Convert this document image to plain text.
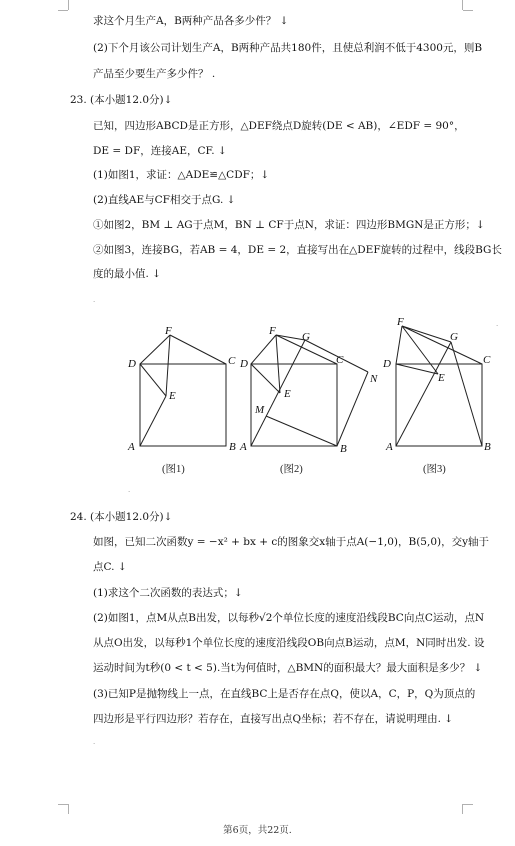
求这个月生产A，B两种产品各多少件？ ↓
(2)下个月该公司计划生产A，B两种产品共180件，且使总利润不低于4300元，则B
产品至少要生产多少件？ .
23. (本小题12.0分)↓
已知，四边形ABCD是正方形，△DEF绕点D旋转(DE < AB)，∠EDF = 90°，
DE = DF，连接AE，CF. ↓
(1)如图1，求证：△ADE≌△CDF；↓
(2)直线AE与CF相交于点G. ↓
①如图2，BM ⊥ AG于点M，BN ⊥ CF于点N，求证：四边形BMGN是正方形；↓
②如图3，连接BG，若AB = 4，DE = 2，直接写出在△DEF旋转的过程中，线段BG长
度的最小值. ↓
.
.
D	C
F
E
A	B
D	C
F G
E
M
N
A	B
D	C
F
G
E
A	B
(图1)	(图2)	(图3)
.
24. (本小题12.0分)↓
如图，已知二次函数y = −x² + bx + c的图象交x轴于点A(−1,0)，B(5,0)，交y轴于
点C. ↓
(1)求这个二次函数的表达式；↓
(2)如图1，点M从点B出发，以每秒√2个单位长度的速度沿线段BC向点C运动，点N
从点O出发，以每秒1个单位长度的速度沿线段OB向点B运动，点M，N同时出发. 设
运动时间为t秒(0 < t < 5).当t为何值时，△BMN的面积最大？最大面积是多少？ ↓
(3)已知P是抛物线上一点，在直线BC上是否存在点Q，使以A，C，P，Q为顶点的
四边形是平行四边形？若存在，直接写出点Q坐标；若不存在，请说明理由. ↓
.
第6页，共22页.
